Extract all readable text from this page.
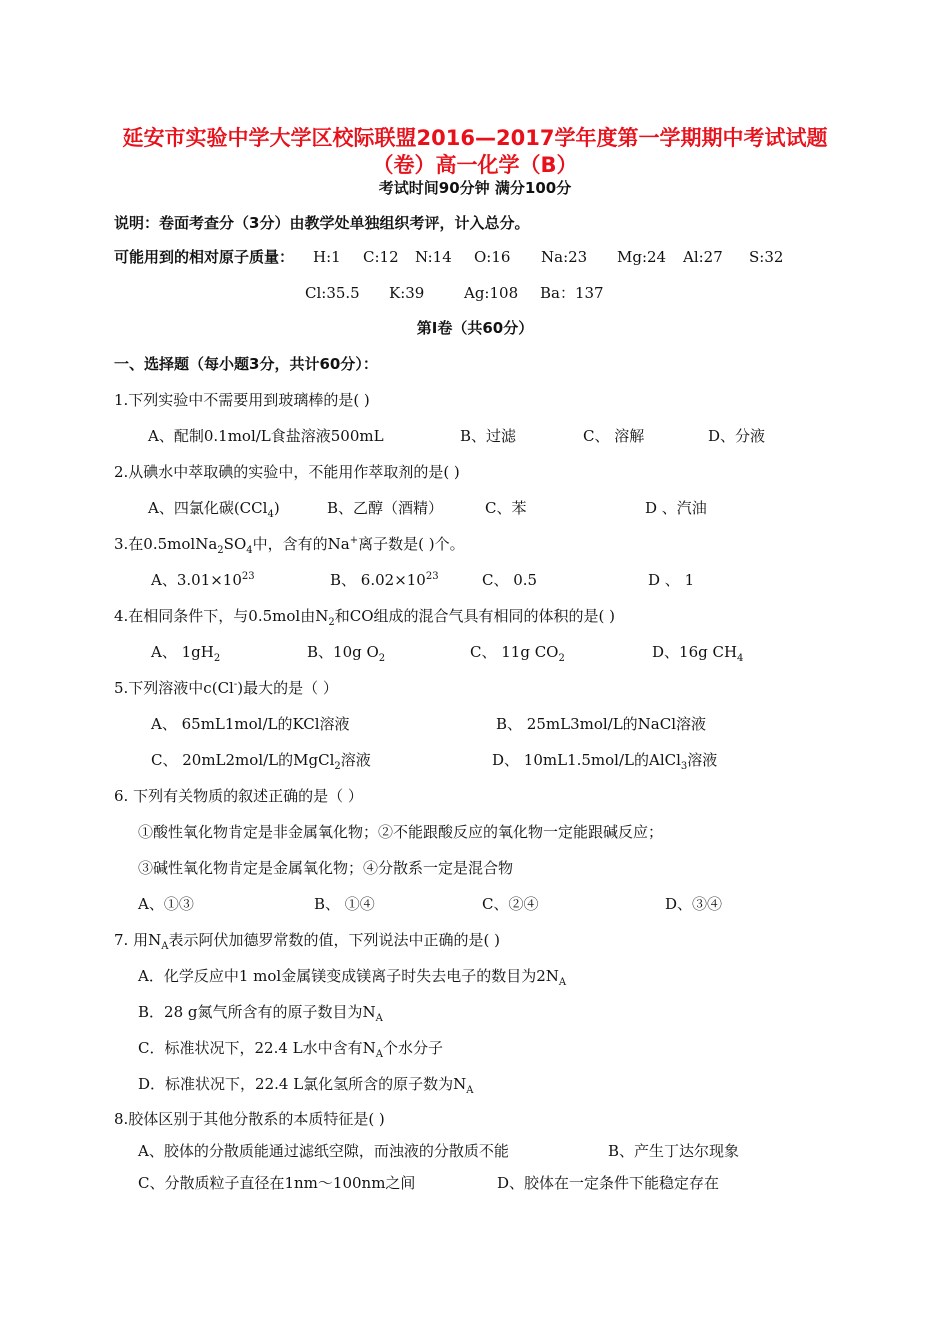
延安市实验中学大学区校际联盟2016—2017学年度第一学期期中考试试题
（卷）高一化学（B）
考试时间90分钟 满分100分
说明：卷面考查分（3分）由教学处单独组织考评，计入总分。
可能用到的相对原子质量： H:1 C:12 N:14 O:16 Na:23 Mg:24 Al:27 S:32
Cl:35.5 K:39	Ag:108 Ba：137
第Ⅰ卷（共60分）
一、选择题（每小题3分，共计60分）：
1.下列实验中不需要用到玻璃棒的是( )
A、配制0.1mol/L食盐溶液500mL	B、过滤	C、 溶解	D、分液
2.从碘水中萃取碘的实验中，不能用作萃取剂的是( )
A、四氯化碳(CCl$_4$)	B、乙醇（酒精）	C、苯	D 、汽油
3.在$0.5molNa_2SO_4$中，含有的Na+离子数是( )个。
A、$3.01\times 10^{23}$	B、 $6.02\times 10^{23}$	C、 0.5	D 、 1
4.在相同条件下，与0.5mol由$N_2$和CO组成的混合气具有相同的体积的是( )
A、 $1gH_2$	B、10g $O_2$	C、 11g $CO_2$	D、16g $CH_4$
5.下列溶液中c(Cl-)最大的是（ ）
A、 65mL1mol/L的KCl溶液	B、 25mL3mol/L的NaCl溶液
C、 20mL2mol/L的MgCl$_2$溶液	D、 10mL1.5mol/L的AlCl$_3$溶液
6. 下列有关物质的叙述正确的是（ ）
①酸性氧化物肯定是非金属氧化物；②不能跟酸反应的氧化物一定能跟碱反应；
③碱性氧化物肯定是金属氧化物；④分散系一定是混合物
A、①③	B、 ①④	C、②④	D、③④
7. 用$N_A$表示阿伏加德罗常数的值，下列说法中正确的是( )
A．化学反应中1 mol金属镁变成镁离子时失去电子的数目为$2N_A$
B．28 g氮气所含有的原子数目为$N_A$
C．标准状况下，22.4 L水中含有$N_A$个水分子
D．标准状况下，22.4 L氯化氢所含的原子数为$N_A$
8.胶体区别于其他分散系的本质特征是( )
A、胶体的分散质能通过滤纸空隙，而浊液的分散质不能	B、产生丁达尔现象
C、分散质粒子直径在1nm～100nm之间	D、胶体在一定条件下能稳定存在
